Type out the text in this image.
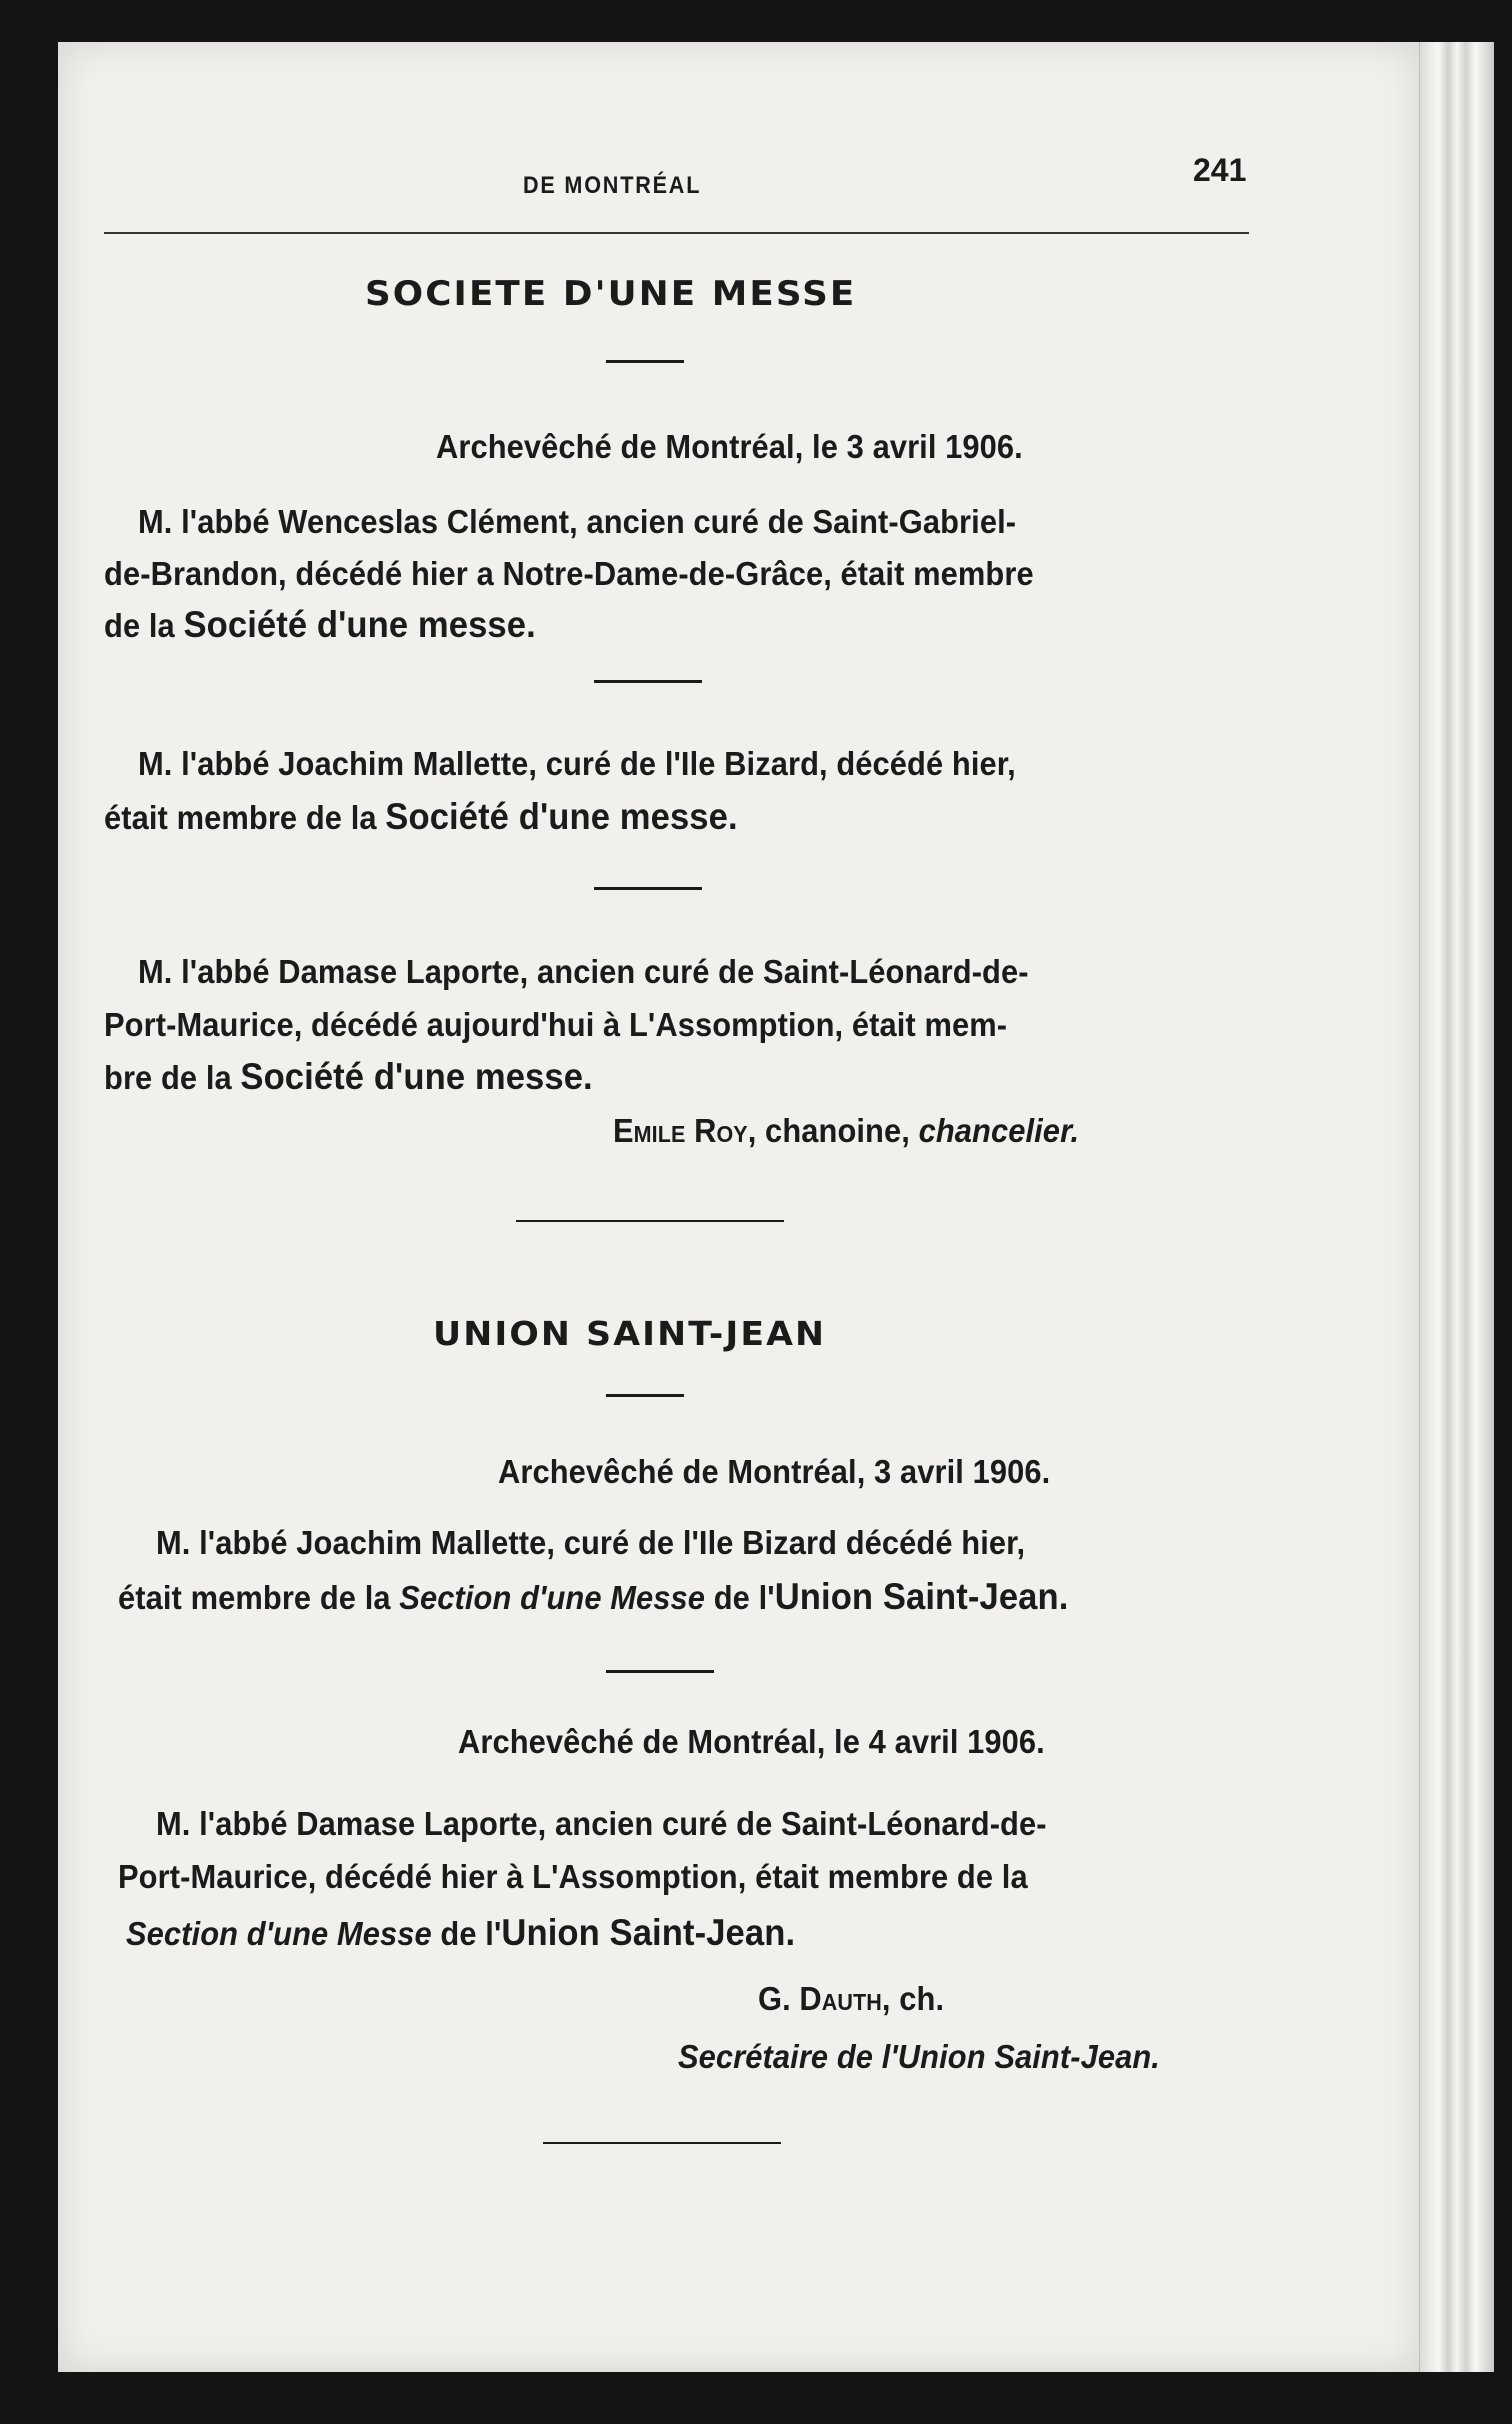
DE MONTRÉAL	241
SOCIETE D'UNE MESSE
Archevêché de Montréal, le 3 avril 1906.
M. l'abbé Wenceslas Clément, ancien curé de Saint-Gabriel-
de-Brandon, décédé hier a Notre-Dame-de-Grâce, était membre
de la Société d'une messe.
M. l'abbé Joachim Mallette, curé de l'Ile Bizard, décédé hier,
était membre de la Société d'une messe.
M. l'abbé Damase Laporte, ancien curé de Saint-Léonard-de-
Port-Maurice, décédé aujourd'hui à L'Assomption, était mem-
bre de la Société d'une messe.
Emile Roy, chanoine, chancelier.
UNION SAINT-JEAN
Archevêché de Montréal, 3 avril 1906.
M. l'abbé Joachim Mallette, curé de l'Ile Bizard décédé hier,
était membre de la Section d'une Messe de l'Union Saint-Jean.
Archevêché de Montréal, le 4 avril 1906.
M. l'abbé Damase Laporte, ancien curé de Saint-Léonard-de-
Port-Maurice, décédé hier à L'Assomption, était membre de la
Section d'une Messe de l'Union Saint-Jean.
G. Dauth, ch.
Secrétaire de l'Union Saint-Jean.
